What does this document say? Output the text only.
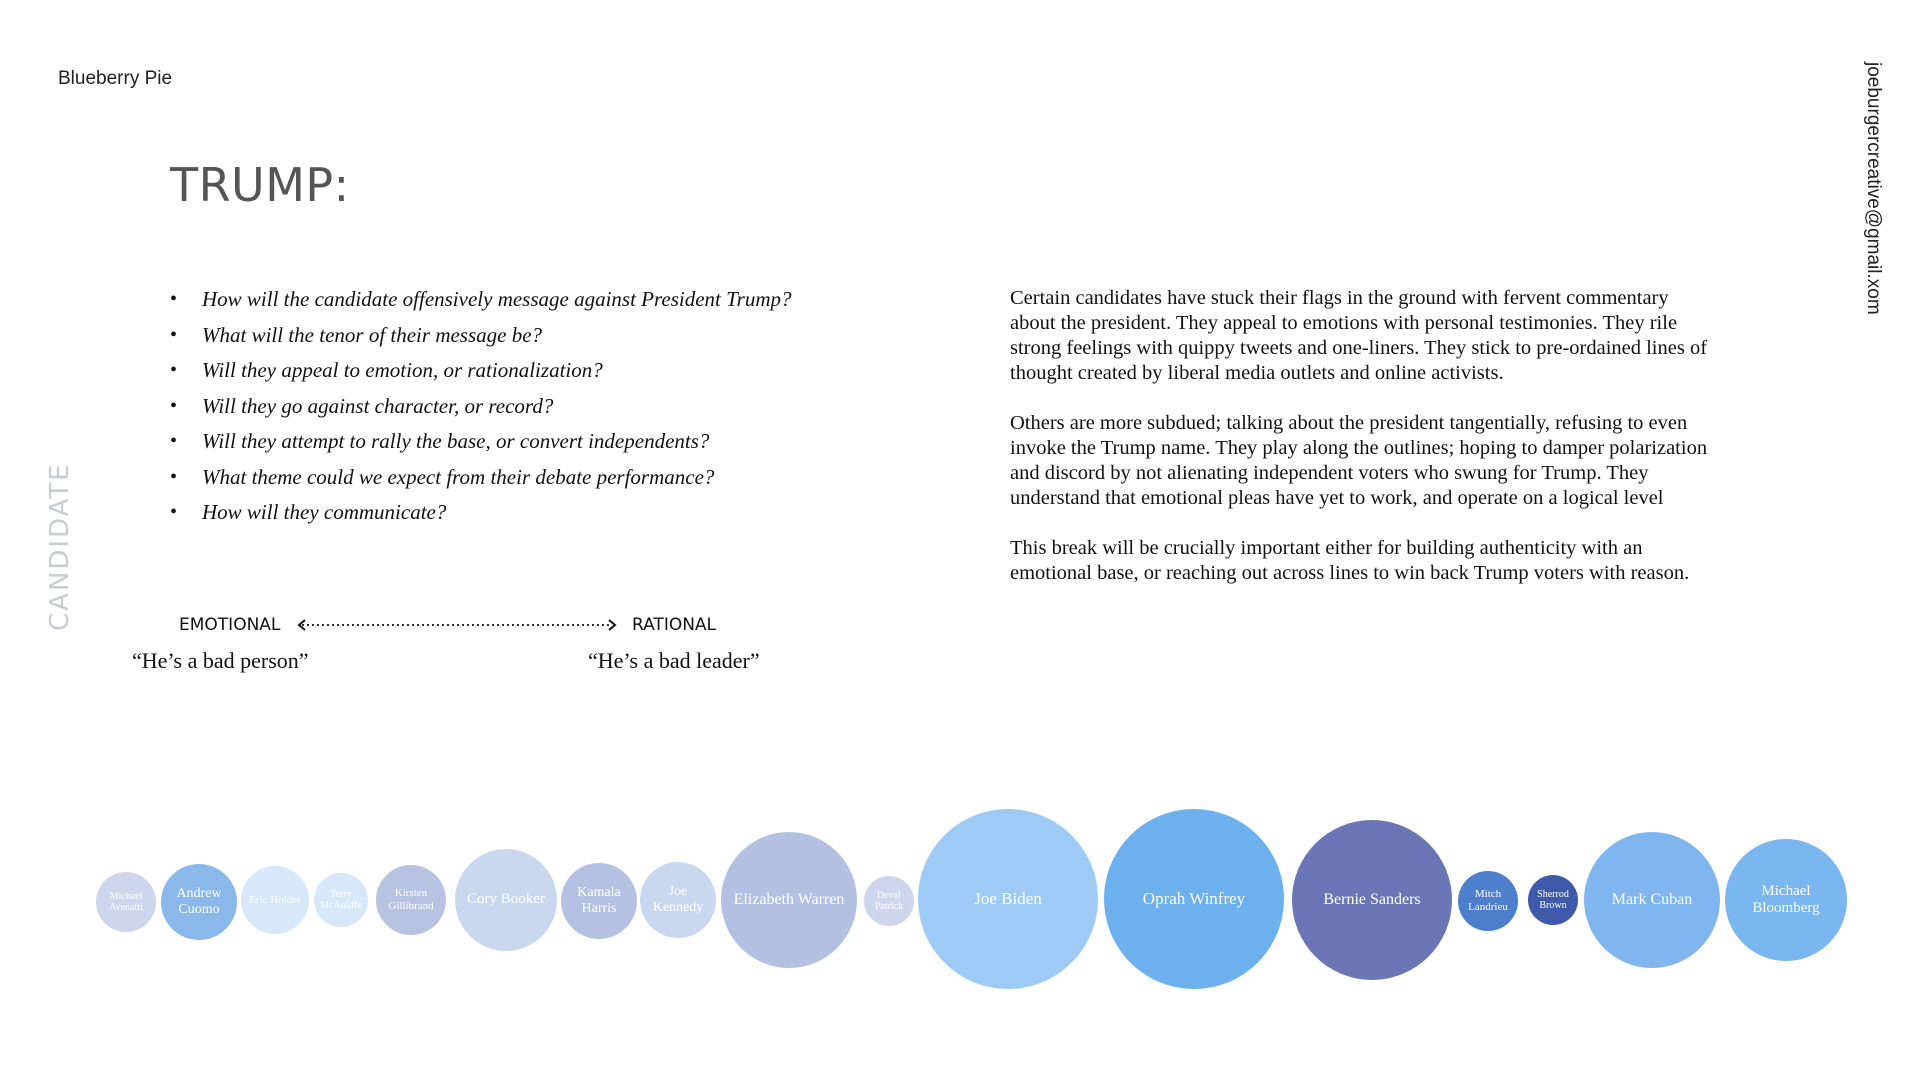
Blueberry Pie	joeburgercreative@gmail.xom
CANDIDATE
TRUMP:
• How will the candidate offensively message against President Trump?
• What will the tenor of their message be?
• Will they appeal to emotion, or rationalization?
• Will they go against character, or record?
• Will they attempt to rally the base, or convert independents?
• What theme could we expect from their debate performance?
• How will they communicate?
EMOTIONAL	RATIONAL
“He’s a bad person”	“He’s a bad leader”

Certain candidates have stuck their flags in the ground with fervent commentary about the president. They appeal to emotions with personal testimonies. They rile strong feelings with quippy tweets and one-liners. They stick to pre-ordained lines of thought created by liberal media outlets and online activists.

Others are more subdued; talking about the president tangentially, refusing to even invoke the Trump name. They play along the outlines; hoping to damper polarization and discord by not alienating independent voters who swung for Trump. They understand that emotional pleas have yet to work, and operate on a logical level

This break will be crucially important either for building authenticity with an emotional base, or reaching out across lines to win back Trump voters with reason.

Michael Avenatti
Andrew Cuomo
Eric Holder	Terry McAuliffe
Kirsten Gillibrand	Cory Booker	Kamala Harris
Joe Kennedy	Elizabeth Warren	Deval Patrick	Joe Biden	Oprah Winfrey	Bernie Sanders	Mitch Landrieu
Sherrod Brown	Mark Cuban
Michael Bloomberg
